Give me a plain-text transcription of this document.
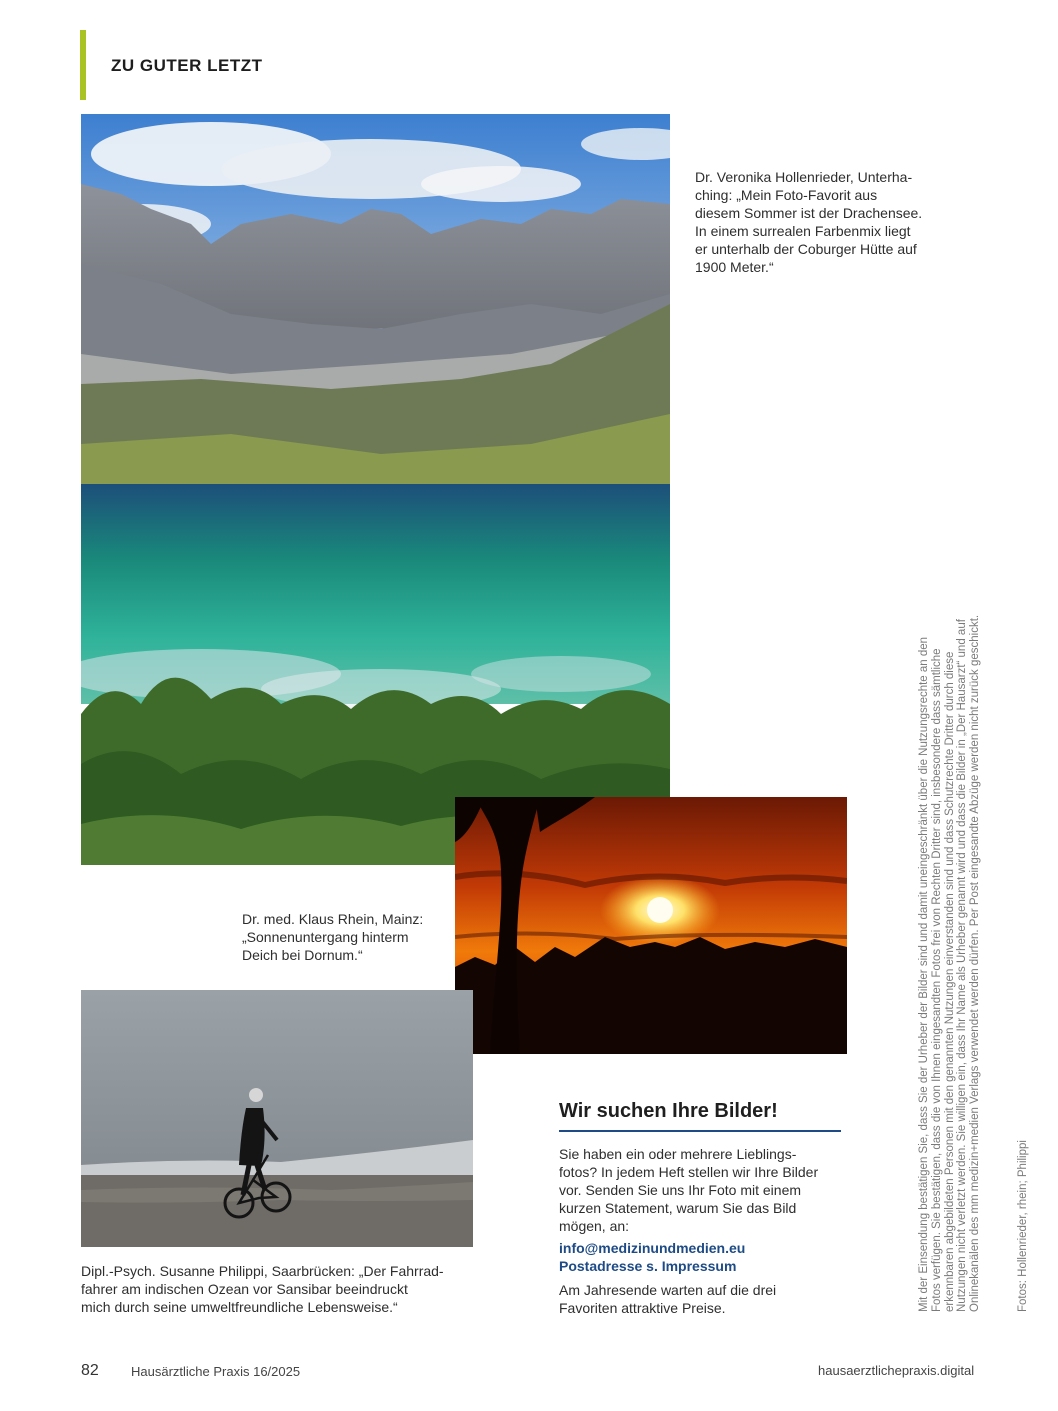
ZU GUTER LETZT
Dr. Veronika Hollenrieder, Unterha-
ching: „Mein Foto-Favorit aus
diesem Sommer ist der Drachensee.
In einem surrealen Farbenmix liegt
er unterhalb der Coburger Hütte auf
1900 Meter.“
Dr. med. Klaus Rhein, Mainz:
„Sonnenuntergang hinterm
Deich bei Dornum.“
Dipl.-Psych. Susanne Philippi, Saarbrücken: „Der Fahrrad-
fahrer am indischen Ozean vor Sansibar beeindruckt
mich durch seine umweltfreundliche Lebensweise.“
Wir suchen Ihre Bilder!
Sie haben ein oder mehrere Lieblings-
fotos? In jedem Heft stellen wir Ihre Bilder
vor. Senden Sie uns Ihr Foto mit einem
kurzen Statement, warum Sie das Bild
mögen, an:
info@medizinundmedien.eu
Postadresse s. Impressum
Am Jahresende warten auf die drei
Favoriten attraktive Preise.	Mit der Einsendung bestätigen Sie, dass Sie der Urheber der Bilder sind und damit uneingeschränkt über die Nutzungsrechte an den Fotos verfügen. Sie bestätigen, dass die von Ihnen eingesandten Fotos frei von Rechten Dritter sind, insbesondere dass sämtliche erkennbaren abgebildeten Personen mit den genannten Nutzungen einverstanden sind und dass Schutzrechte Dritter durch diese Nutzungen nicht verletzt werden. Sie willigen ein, dass Ihr Name als Urheber genannt wird und dass die Bilder in „Der Hausarzt“ und auf Onlinekanälen des mm medizin+medien Verlags verwendet werden dürfen. Per Post eingesandte Abzüge werden nicht zurück geschickt.	Fotos: Hollenrieder, rhein; Philippi
82 Hausärztliche Praxis 16/2025	hausaerztlichepraxis.digital
